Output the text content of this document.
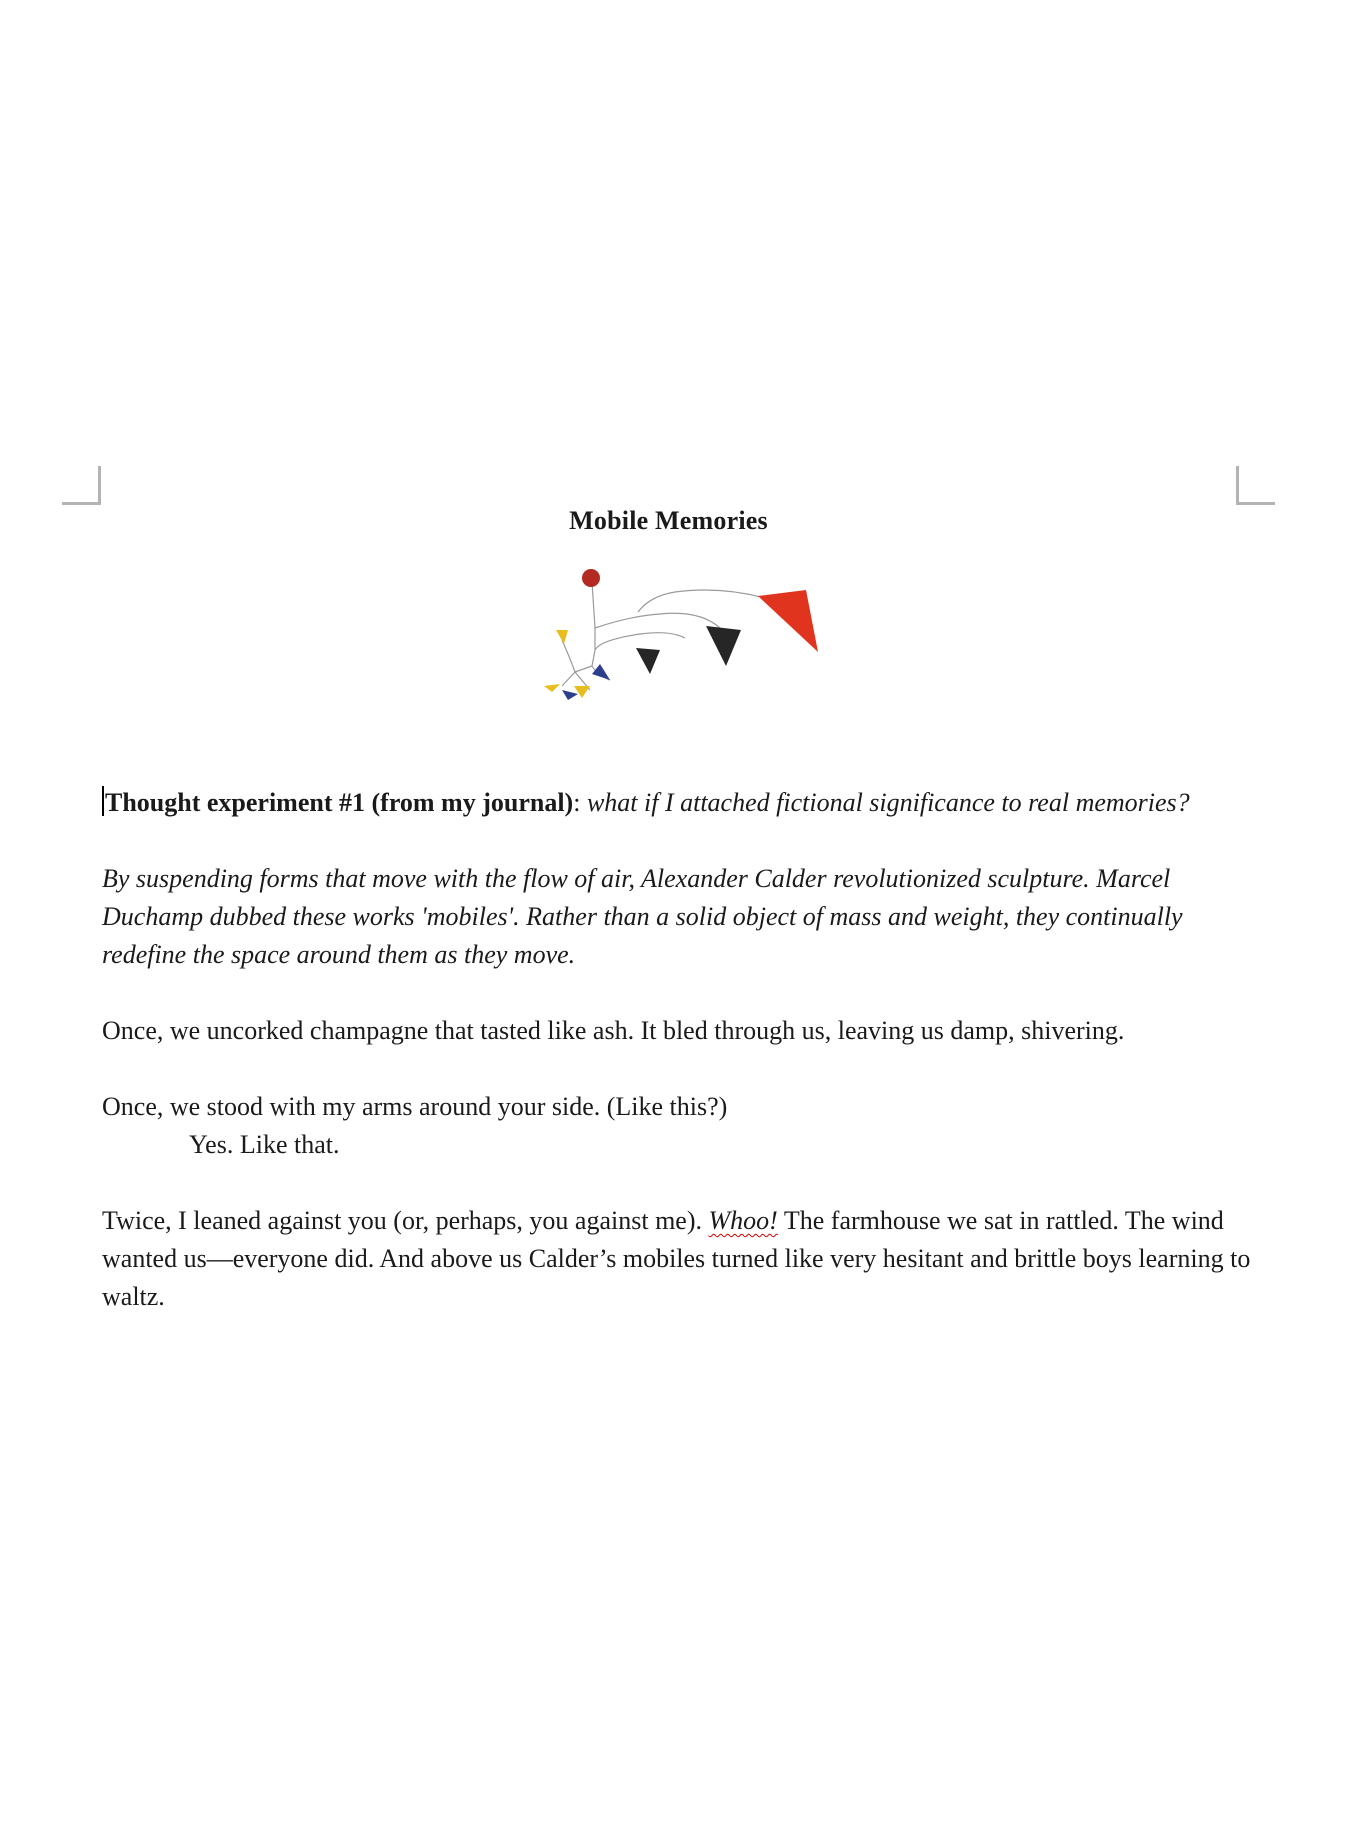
Mobile Memories

Thought experiment #1 (from my journal): what if I attached fictional significance to real memories?

By suspending forms that move with the flow of air, Alexander Calder revolutionized sculpture. Marcel Duchamp dubbed these works 'mobiles'. Rather than a solid object of mass and weight, they continually redefine the space around them as they move.

Once, we uncorked champagne that tasted like ash. It bled through us, leaving us damp, shivering.

Once, we stood with my arms around your side. (Like this?)
Yes. Like that.

Twice, I leaned against you (or, perhaps, you against me). Whoo! The farmhouse we sat in rattled. The wind wanted us—everyone did. And above us Calder’s mobiles turned like very hesitant and brittle boys learning to waltz.
